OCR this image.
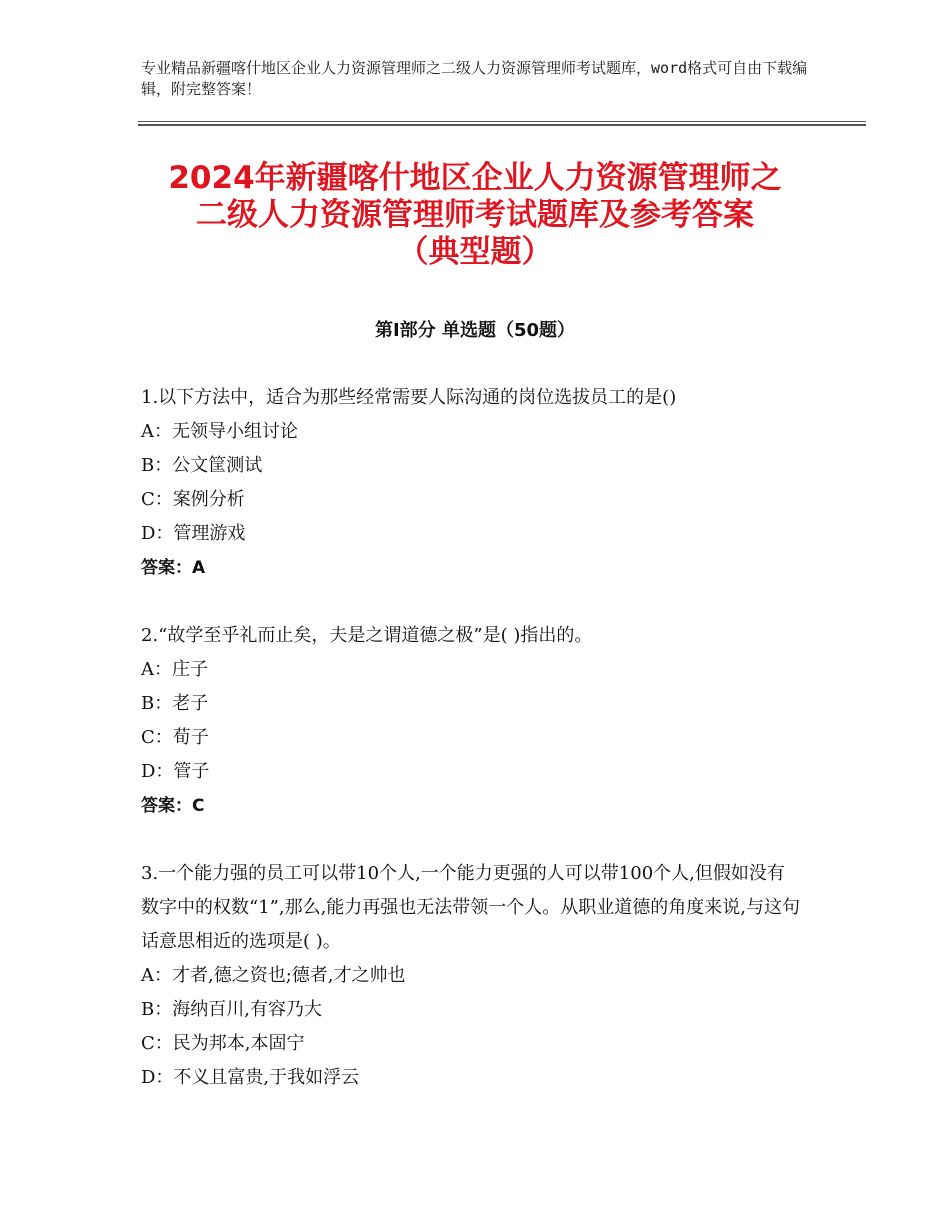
专业精品新疆喀什地区企业人力资源管理师之二级人力资源管理师考试题库，word格式可自由下载编辑，附完整答案！
2024年新疆喀什地区企业人力资源管理师之
二级人力资源管理师考试题库及参考答案
（典型题）
第Ⅰ部分 单选题（50题）
1.以下方法中，适合为那些经常需要人际沟通的岗位选拔员工的是()
A：无领导小组讨论
B：公文筐测试
C：案例分析
D：管理游戏
答案：A
2.“故学至乎礼而止矣，夫是之谓道德之极”是( )指出的。
A：庄子
B：老子
C：荀子
D：管子
答案：C
3.一个能力强的员工可以带10个人,一个能力更强的人可以带100个人,但假如没有数字中的权数“1”,那么,能力再强也无法带领一个人。从职业道德的角度来说,与这句话意思相近的选项是( )。
A：才者,德之资也;德者,才之帅也
B：海纳百川,有容乃大
C：民为邦本,本固宁
D：不义且富贵,于我如浮云
